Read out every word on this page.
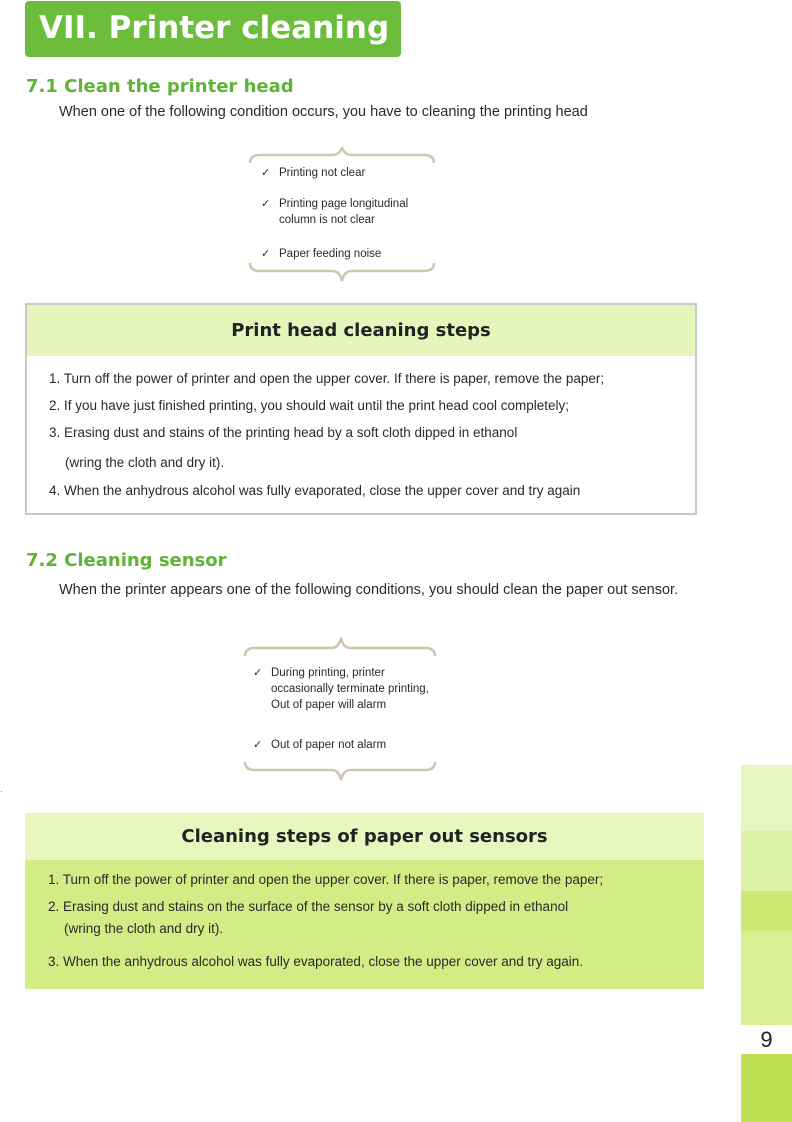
VII. Printer cleaning
7.1 Clean the printer head
When one of the following condition occurs, you have to cleaning the printing head
✓ Printing not clear
✓ Printing page longitudinal
column is not clear
✓ Paper feeding noise
Print head cleaning steps
1. Turn off the power of printer and open the upper cover. If there is paper, remove the paper;
2. If you have just finished printing, you should wait until the print head cool completely;
3. Erasing dust and stains of the printing head by a soft cloth dipped in ethanol
(wring the cloth and dry it).
4. When the anhydrous alcohol was fully evaporated, close the upper cover and try again
7.2 Cleaning sensor
When the printer appears one of the following conditions, you should clean the paper out sensor.
✓ During printing, printer
occasionally terminate printing,
Out of paper will alarm
✓ Out of paper not alarm
Cleaning steps of paper out sensors
1. Turn off the power of printer and open the upper cover. If there is paper, remove the paper;
2. Erasing dust and stains on the surface of the sensor by a soft cloth dipped in ethanol
(wring the cloth and dry it).
3. When the anhydrous alcohol was fully evaporated, close the upper cover and try again.
9
